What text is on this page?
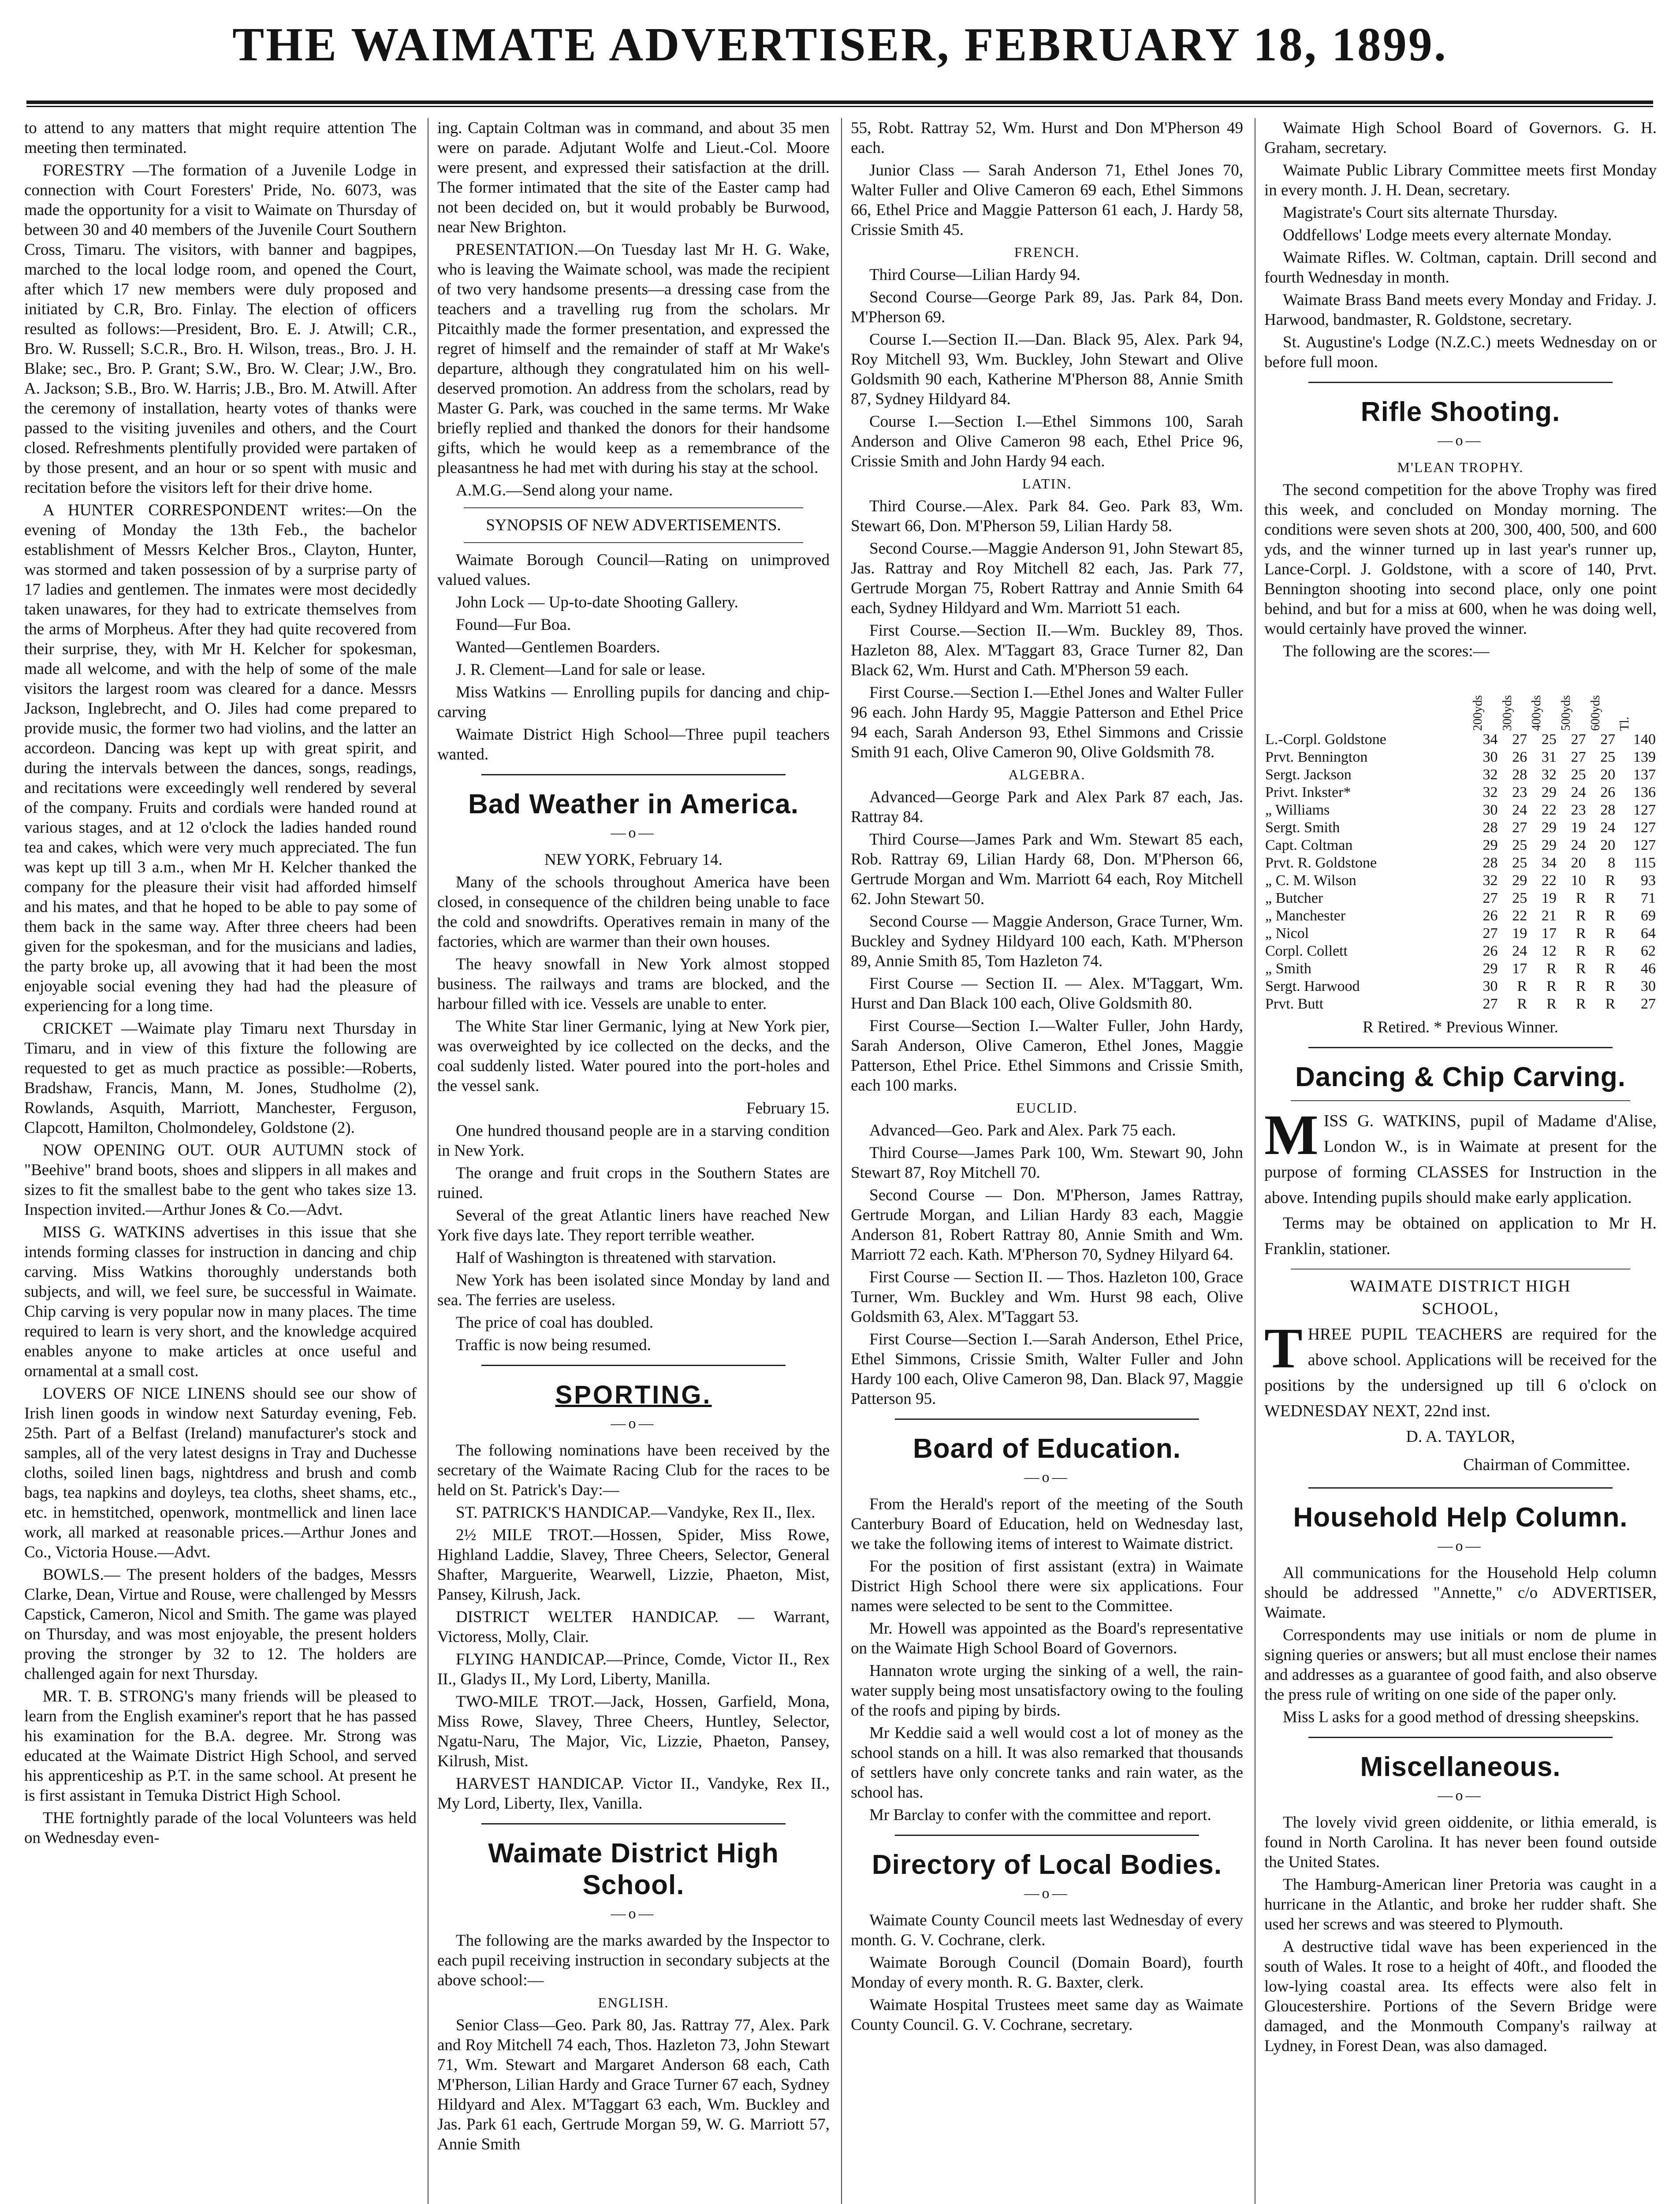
THE WAIMATE ADVERTISER, FEBRUARY 18, 1899.

to attend to any matters that might require attention The meeting then terminated.

FORESTRY —The formation of a Juvenile Lodge in connection with Court Foresters' Pride, No. 6073, was made the opportunity for a visit to Waimate on Thursday of between 30 and 40 members of the Juvenile Court Southern Cross, Timaru. The visitors, with banner and bagpipes, marched to the local lodge room, and opened the Court, after which 17 new members were duly proposed and initiated by C.R, Bro. Finlay. The election of officers resulted as follows:—President, Bro. E. J. Atwill; C.R., Bro. W. Russell; S.C.R., Bro. H. Wilson, treas., Bro. J. H. Blake; sec., Bro. P. Grant; S.W., Bro. W. Clear; J.W., Bro. A. Jackson; S.B., Bro. W. Harris; J.B., Bro. M. Atwill. After the ceremony of installation, hearty votes of thanks were passed to the visiting juveniles and others, and the Court closed. Refreshments plentifully provided were partaken of by those present, and an hour or so spent with music and recitation before the visitors left for their drive home.

A HUNTER CORRESPONDENT writes:—On the evening of Monday the 13th Feb., the bachelor establishment of Messrs Kelcher Bros., Clayton, Hunter, was stormed and taken possession of by a surprise party of 17 ladies and gentlemen. The inmates were most decidedly taken unawares, for they had to extricate themselves from the arms of Morpheus. After they had quite recovered from their surprise, they, with Mr H. Kelcher for spokesman, made all welcome, and with the help of some of the male visitors the largest room was cleared for a dance. Messrs Jackson, Inglebrecht, and O. Jiles had come prepared to provide music, the former two had violins, and the latter an accordeon. Dancing was kept up with great spirit, and during the intervals between the dances, songs, readings, and recitations were exceedingly well rendered by several of the company. Fruits and cordials were handed round at various stages, and at 12 o'clock the ladies handed round tea and cakes, which were very much appreciated. The fun was kept up till 3 a.m., when Mr H. Kelcher thanked the company for the pleasure their visit had afforded himself and his mates, and that he hoped to be able to pay some of them back in the same way. After three cheers had been given for the spokesman, and for the musicians and ladies, the party broke up, all avowing that it had been the most enjoyable social evening they had had the pleasure of experiencing for a long time.

CRICKET —Waimate play Timaru next Thursday in Timaru, and in view of this fixture the following are requested to get as much practice as possible:—Roberts, Bradshaw, Francis, Mann, M. Jones, Studholme (2), Rowlands, Asquith, Marriott, Manchester, Ferguson, Clapcott, Hamilton, Cholmondeley, Goldstone (2).

NOW OPENING OUT. OUR AUTUMN stock of "Beehive" brand boots, shoes and slippers in all makes and sizes to fit the smallest babe to the gent who takes size 13. Inspection invited.—Arthur Jones & Co.—Advt.

MISS G. WATKINS advertises in this issue that she intends forming classes for instruction in dancing and chip carving. Miss Watkins thoroughly understands both subjects, and will, we feel sure, be successful in Waimate. Chip carving is very popular now in many places. The time required to learn is very short, and the knowledge acquired enables anyone to make articles at once useful and ornamental at a small cost.

LOVERS OF NICE LINENS should see our show of Irish linen goods in window next Saturday evening, Feb. 25th. Part of a Belfast (Ireland) manufacturer's stock and samples, all of the very latest designs in Tray and Duchesse cloths, soiled linen bags, nightdress and brush and comb bags, tea napkins and doyleys, tea cloths, sheet shams, etc., etc. in hemstitched, openwork, montmellick and linen lace work, all marked at reasonable prices.—Arthur Jones and Co., Victoria House.—Advt.

BOWLS.— The present holders of the badges, Messrs Clarke, Dean, Virtue and Rouse, were challenged by Messrs Capstick, Cameron, Nicol and Smith. The game was played on Thursday, and was most enjoyable, the present holders proving the stronger by 32 to 12. The holders are challenged again for next Thursday.

MR. T. B. STRONG's many friends will be pleased to learn from the English examiner's report that he has passed his examination for the B.A. degree. Mr. Strong was educated at the Waimate District High School, and served his apprenticeship as P.T. in the same school. At present he is first assistant in Temuka District High School.

THE fortnightly parade of the local Volunteers was held on Wednesday even-

ing. Captain Coltman was in command, and about 35 men were on parade. Adjutant Wolfe and Lieut.-Col. Moore were present, and expressed their satisfaction at the drill. The former intimated that the site of the Easter camp had not been decided on, but it would probably be Burwood, near New Brighton.

PRESENTATION.—On Tuesday last Mr H. G. Wake, who is leaving the Waimate school, was made the recipient of two very handsome presents—a dressing case from the teachers and a travelling rug from the scholars. Mr Pitcaithly made the former presentation, and expressed the regret of himself and the remainder of staff at Mr Wake's departure, although they congratulated him on his well-deserved promotion. An address from the scholars, read by Master G. Park, was couched in the same terms. Mr Wake briefly replied and thanked the donors for their handsome gifts, which he would keep as a remembrance of the pleasantness he had met with during his stay at the school.

A.M.G.—Send along your name.

SYNOPSIS OF NEW ADVERTISEMENTS.

Waimate Borough Council—Rating on unimproved valued values.

John Lock — Up-to-date Shooting Gallery.

Found—Fur Boa.

Wanted—Gentlemen Boarders.

J. R. Clement—Land for sale or lease.

Miss Watkins — Enrolling pupils for dancing and chip-carving

Waimate District High School—Three pupil teachers wanted.

Bad Weather in America.
—o—

NEW YORK, February 14.

Many of the schools throughout America have been closed, in consequence of the children being unable to face the cold and snowdrifts. Operatives remain in many of the factories, which are warmer than their own houses.

The heavy snowfall in New York almost stopped business. The railways and trams are blocked, and the harbour filled with ice. Vessels are unable to enter.

The White Star liner Germanic, lying at New York pier, was overweighted by ice collected on the decks, and the coal suddenly listed. Water poured into the port-holes and the vessel sank.

February 15.

One hundred thousand people are in a starving condition in New York.

The orange and fruit crops in the Southern States are ruined.

Several of the great Atlantic liners have reached New York five days late. They report terrible weather.

Half of Washington is threatened with starvation.

New York has been isolated since Monday by land and sea. The ferries are useless.

The price of coal has doubled.

Traffic is now being resumed.

SPORTING.
—o—

The following nominations have been received by the secretary of the Waimate Racing Club for the races to be held on St. Patrick's Day:—

ST. PATRICK'S HANDICAP.—Vandyke, Rex II., Ilex.

2½ MILE TROT.—Hossen, Spider, Miss Rowe, Highland Laddie, Slavey, Three Cheers, Selector, General Shafter, Marguerite, Wearwell, Lizzie, Phaeton, Mist, Pansey, Kilrush, Jack.

DISTRICT WELTER HANDICAP. — Warrant, Victoress, Molly, Clair.

FLYING HANDICAP.—Prince, Comde, Victor II., Rex II., Gladys II., My Lord, Liberty, Manilla.

TWO-MILE TROT.—Jack, Hossen, Garfield, Mona, Miss Rowe, Slavey, Three Cheers, Huntley, Selector, Ngatu-Naru, The Major, Vic, Lizzie, Phaeton, Pansey, Kilrush, Mist.

HARVEST HANDICAP. Victor II., Vandyke, Rex II., My Lord, Liberty, Ilex, Vanilla.

Waimate District High School.
—o—

The following are the marks awarded by the Inspector to each pupil receiving instruction in secondary subjects at the above school:—

ENGLISH.

Senior Class—Geo. Park 80, Jas. Rattray 77, Alex. Park and Roy Mitchell 74 each, Thos. Hazleton 73, John Stewart 71, Wm. Stewart and Margaret Anderson 68 each, Cath M'Pherson, Lilian Hardy and Grace Turner 67 each, Sydney Hildyard and Alex. M'Taggart 63 each, Wm. Buckley and Jas. Park 61 each, Gertrude Morgan 59, W. G. Marriott 57, Annie Smith

55, Robt. Rattray 52, Wm. Hurst and Don M'Pherson 49 each.

Junior Class — Sarah Anderson 71, Ethel Jones 70, Walter Fuller and Olive Cameron 69 each, Ethel Simmons 66, Ethel Price and Maggie Patterson 61 each, J. Hardy 58, Crissie Smith 45.

FRENCH.

Third Course—Lilian Hardy 94.

Second Course—George Park 89, Jas. Park 84, Don. M'Pherson 69.

Course I.—Section II.—Dan. Black 95, Alex. Park 94, Roy Mitchell 93, Wm. Buckley, John Stewart and Olive Goldsmith 90 each, Katherine M'Pherson 88, Annie Smith 87, Sydney Hildyard 84.

Course I.—Section I.—Ethel Simmons 100, Sarah Anderson and Olive Cameron 98 each, Ethel Price 96, Crissie Smith and John Hardy 94 each.

LATIN.

Third Course.—Alex. Park 84. Geo. Park 83, Wm. Stewart 66, Don. M'Pherson 59, Lilian Hardy 58.

Second Course.—Maggie Anderson 91, John Stewart 85, Jas. Rattray and Roy Mitchell 82 each, Jas. Park 77, Gertrude Morgan 75, Robert Rattray and Annie Smith 64 each, Sydney Hildyard and Wm. Marriott 51 each.

First Course.—Section II.—Wm. Buckley 89, Thos. Hazleton 88, Alex. M'Taggart 83, Grace Turner 82, Dan Black 62, Wm. Hurst and Cath. M'Pherson 59 each.

First Course.—Section I.—Ethel Jones and Walter Fuller 96 each. John Hardy 95, Maggie Patterson and Ethel Price 94 each, Sarah Anderson 93, Ethel Simmons and Crissie Smith 91 each, Olive Cameron 90, Olive Goldsmith 78.

ALGEBRA.

Advanced—George Park and Alex Park 87 each, Jas. Rattray 84.

Third Course—James Park and Wm. Stewart 85 each, Rob. Rattray 69, Lilian Hardy 68, Don. M'Pherson 66, Gertrude Morgan and Wm. Marriott 64 each, Roy Mitchell 62. John Stewart 50.

Second Course — Maggie Anderson, Grace Turner, Wm. Buckley and Sydney Hildyard 100 each, Kath. M'Pherson 89, Annie Smith 85, Tom Hazleton 74.

First Course — Section II. — Alex. M'Taggart, Wm. Hurst and Dan Black 100 each, Olive Goldsmith 80.

First Course—Section I.—Walter Fuller, John Hardy, Sarah Anderson, Olive Cameron, Ethel Jones, Maggie Patterson, Ethel Price. Ethel Simmons and Crissie Smith, each 100 marks.

EUCLID.

Advanced—Geo. Park and Alex. Park 75 each.

Third Course—James Park 100, Wm. Stewart 90, John Stewart 87, Roy Mitchell 70.

Second Course — Don. M'Pherson, James Rattray, Gertrude Morgan, and Lilian Hardy 83 each, Maggie Anderson 81, Robert Rattray 80, Annie Smith and Wm. Marriott 72 each. Kath. M'Pherson 70, Sydney Hilyard 64.

First Course — Section II. — Thos. Hazleton 100, Grace Turner, Wm. Buckley and Wm. Hurst 98 each, Olive Goldsmith 63, Alex. M'Taggart 53.

First Course—Section I.—Sarah Anderson, Ethel Price, Ethel Simmons, Crissie Smith, Walter Fuller and John Hardy 100 each, Olive Cameron 98, Dan. Black 97, Maggie Patterson 95.

Board of Education.
—o—

From the Herald's report of the meeting of the South Canterbury Board of Education, held on Wednesday last, we take the following items of interest to Waimate district.

For the position of first assistant (extra) in Waimate District High School there were six applications. Four names were selected to be sent to the Committee.

Mr. Howell was appointed as the Board's representative on the Waimate High School Board of Governors.

Hannaton wrote urging the sinking of a well, the rain-water supply being most unsatisfactory owing to the fouling of the roofs and piping by birds.

Mr Keddie said a well would cost a lot of money as the school stands on a hill. It was also remarked that thousands of settlers have only concrete tanks and rain water, as the school has.

Mr Barclay to confer with the committee and report.

Directory of Local Bodies.
—o—

Waimate County Council meets last Wednesday of every month. G. V. Cochrane, clerk.

Waimate Borough Council (Domain Board), fourth Monday of every month. R. G. Baxter, clerk.

Waimate Hospital Trustees meet same day as Waimate County Council. G. V. Cochrane, secretary.

Waimate High School Board of Governors. G. H. Graham, secretary.

Waimate Public Library Committee meets first Monday in every month. J. H. Dean, secretary.

Magistrate's Court sits alternate Thursday.

Oddfellows' Lodge meets every alternate Monday.

Waimate Rifles. W. Coltman, captain. Drill second and fourth Wednesday in month.

Waimate Brass Band meets every Monday and Friday. J. Harwood, bandmaster, R. Goldstone, secretary.

St. Augustine's Lodge (N.Z.C.) meets Wednesday on or before full moon.

Rifle Shooting.
—o—

M'LEAN TROPHY.

The second competition for the above Trophy was fired this week, and concluded on Monday morning. The conditions were seven shots at 200, 300, 400, 500, and 600 yds, and the winner turned up in last year's runner up, Lance-Corpl. J. Goldstone, with a score of 140, Prvt. Bennington shooting into second place, only one point behind, and but for a miss at 600, when he was doing well, would certainly have proved the winner.

The following are the scores:—

	200yds	300yds	400yds	500yds	600yds	Tl.
L.-Corpl. Goldstone	34	27	25	27	27	140
Prvt. Bennington	30	26	31	27	25	139
Sergt. Jackson	32	28	32	25	20	137
Privt. Inkster*	32	23	29	24	26	136
„ Williams	30	24	22	23	28	127
Sergt. Smith	28	27	29	19	24	127
Capt. Coltman	29	25	29	24	20	127
Prvt. R. Goldstone	28	25	34	20	8	115
„ C. M. Wilson	32	29	22	10	R	93
„ Butcher	27	25	19	R	R	71
„ Manchester	26	22	21	R	R	69
„ Nicol	27	19	17	R	R	64
Corpl. Collett	26	24	12	R	R	62
„ Smith	29	17	R	R	R	46
Sergt. Harwood	30	R	R	R	R	30
Prvt. Butt	27	R	R	R	R	27

R Retired. * Previous Winner.

Dancing & Chip Carving.
M ISS G. WATKINS, pupil of Madame d'Alise, London W., is in Waimate at present for the purpose of forming CLASSES for Instruction in the above. Intending pupils should make early application.

Terms may be obtained on application to Mr H. Franklin, stationer.

WAIMATE DISTRICT HIGH

SCHOOL,

T HREE PUPIL TEACHERS are required for the above school. Applications will be received for the positions by the undersigned up till 6 o'clock on WEDNESDAY NEXT, 22nd inst.

D. A. TAYLOR,

Chairman of Committee.

Household Help Column.
—o—

All communications for the Household Help column should be addressed "Annette," c/o ADVERTISER, Waimate.

Correspondents may use initials or nom de plume in signing queries or answers; but all must enclose their names and addresses as a guarantee of good faith, and also observe the press rule of writing on one side of the paper only.

Miss L asks for a good method of dressing sheepskins.

Miscellaneous.
—o—

The lovely vivid green oiddenite, or lithia emerald, is found in North Carolina. It has never been found outside the United States.

The Hamburg-American liner Pretoria was caught in a hurricane in the Atlantic, and broke her rudder shaft. She used her screws and was steered to Plymouth.

A destructive tidal wave has been experienced in the south of Wales. It rose to a height of 40ft., and flooded the low-lying coastal area. Its effects were also felt in Gloucestershire. Portions of the Severn Bridge were damaged, and the Monmouth Company's railway at Lydney, in Forest Dean, was also damaged.
